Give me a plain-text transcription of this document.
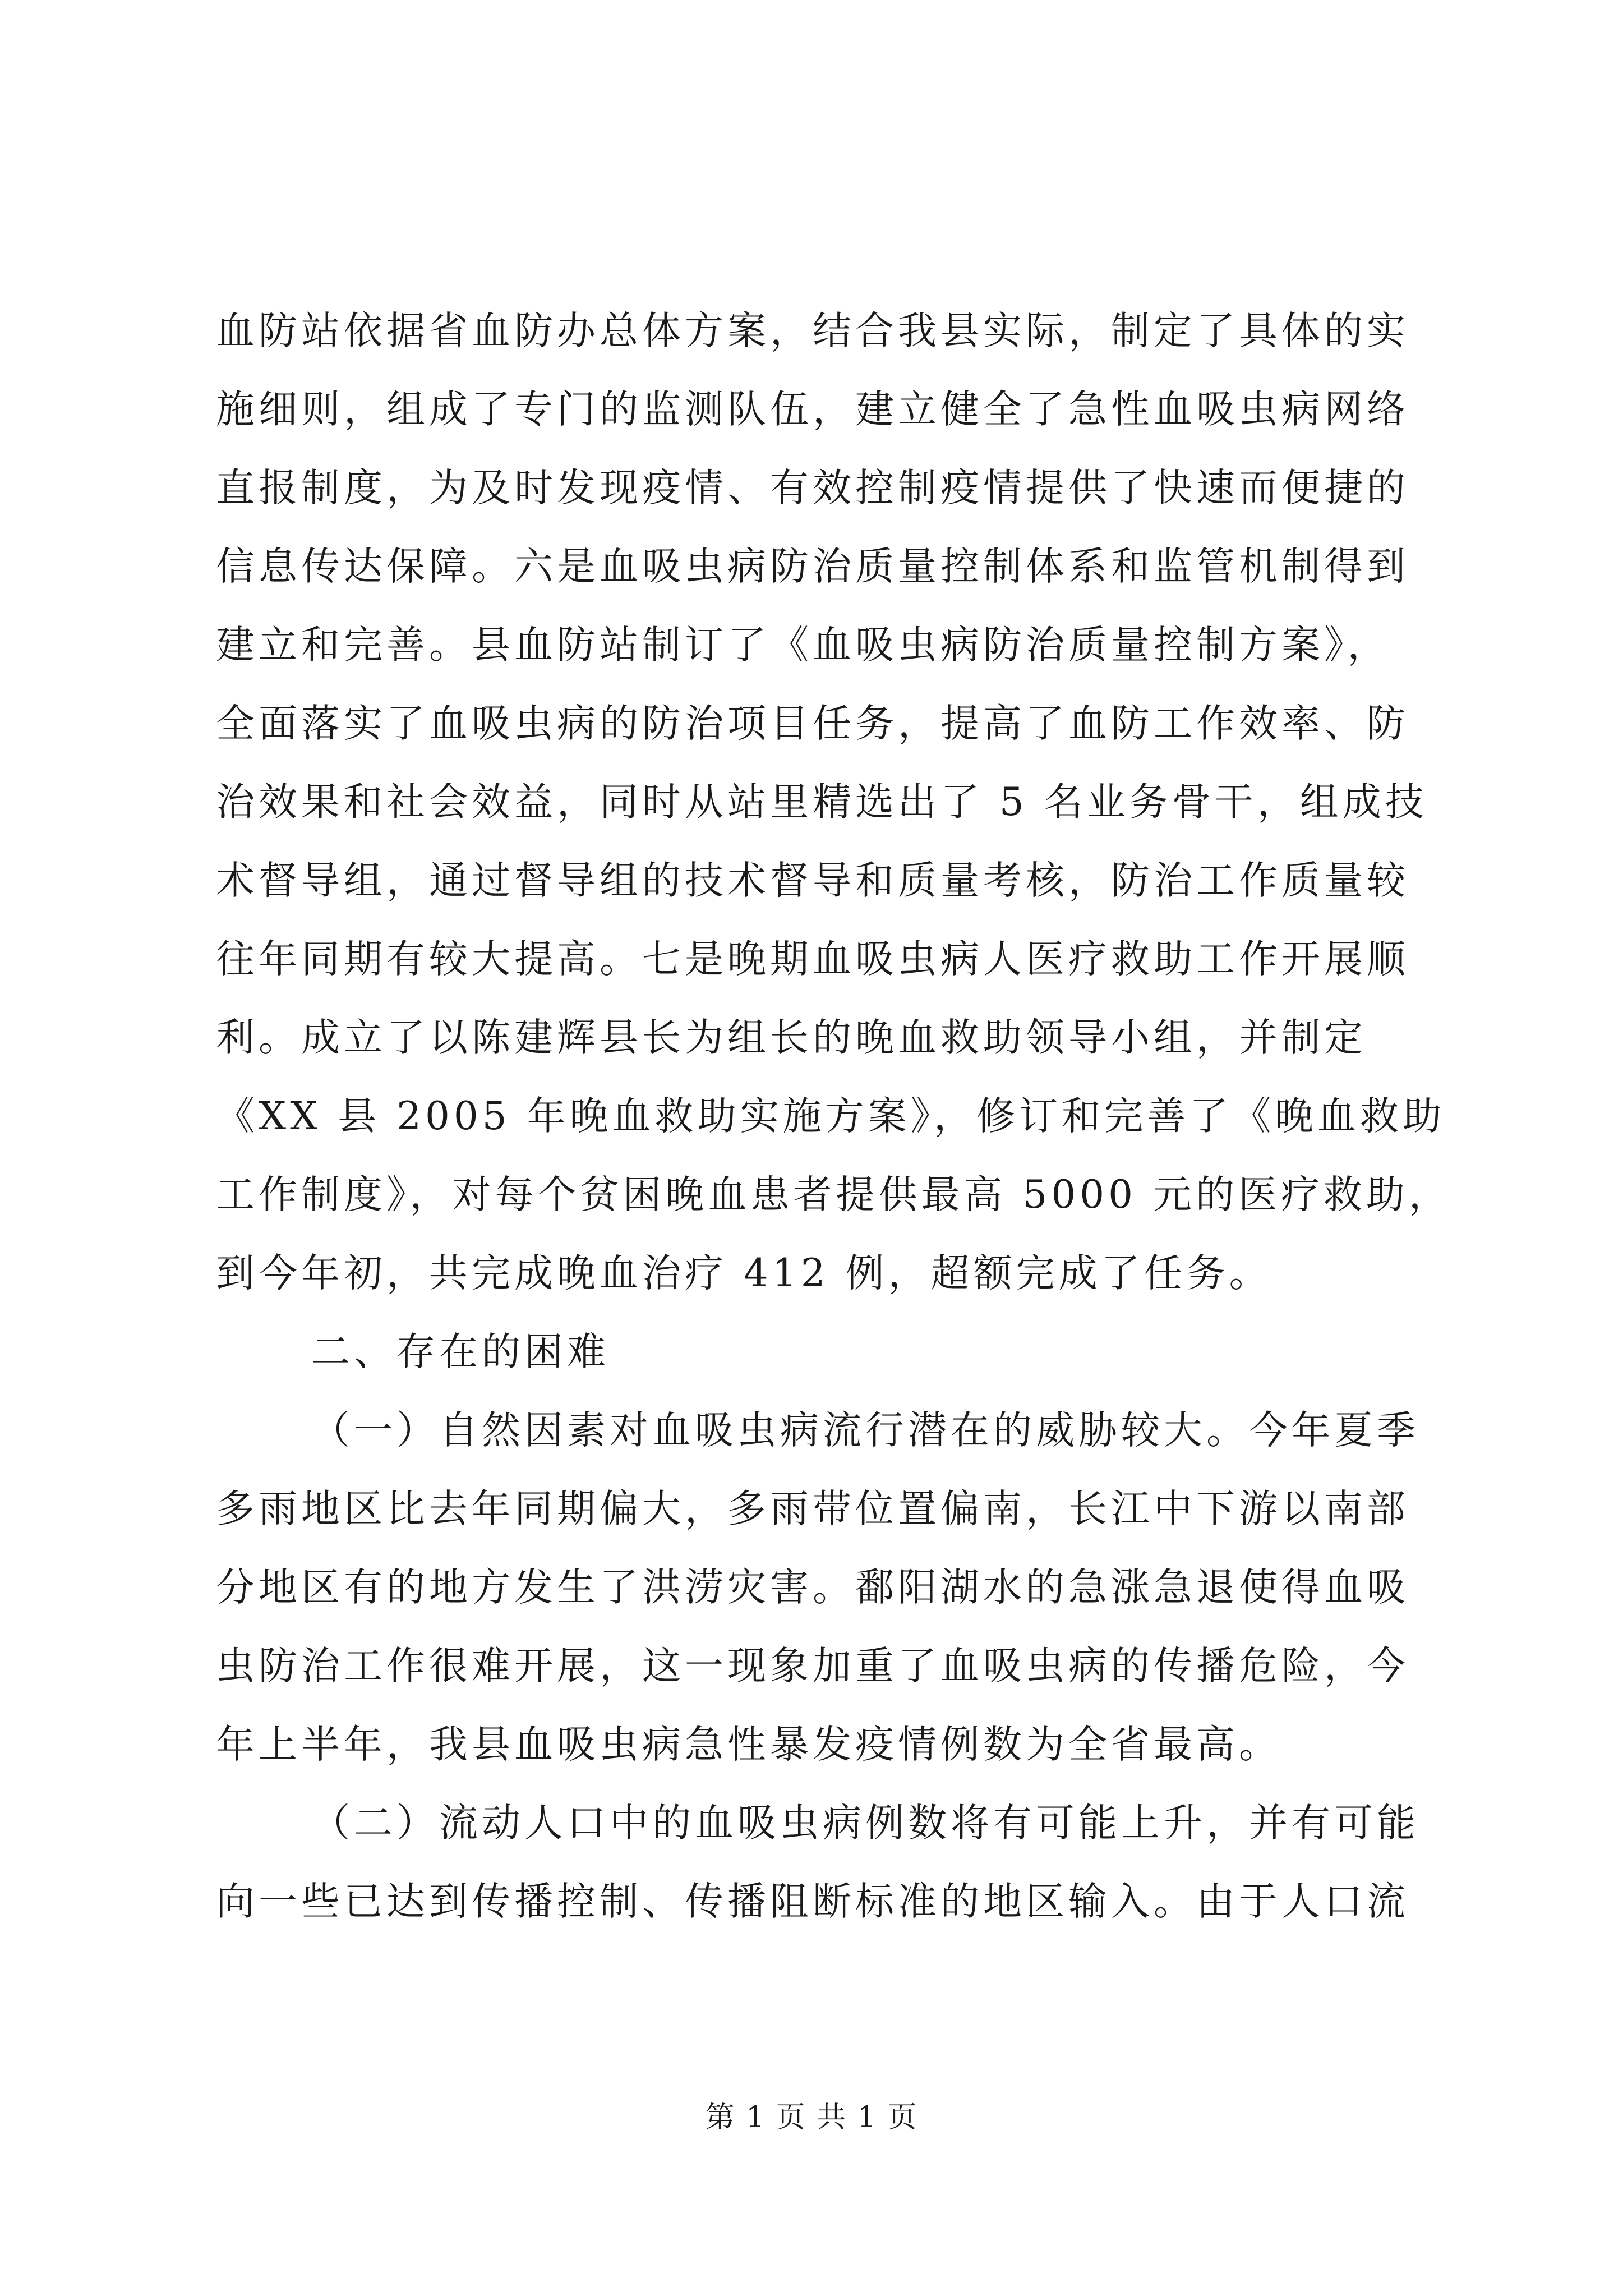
血防站依据省血防办总体方案，结合我县实际，制定了具体的实
施细则，组成了专门的监测队伍，建立健全了急性血吸虫病网络
直报制度，为及时发现疫情、有效控制疫情提供了快速而便捷的
信息传达保障。六是血吸虫病防治质量控制体系和监管机制得到
建立和完善。县血防站制订了《血吸虫病防治质量控制方案》，
全面落实了血吸虫病的防治项目任务，提高了血防工作效率、防
治效果和社会效益，同时从站里精选出了 5 名业务骨干，组成技
术督导组，通过督导组的技术督导和质量考核，防治工作质量较
往年同期有较大提高。七是晚期血吸虫病人医疗救助工作开展顺
利。成立了以陈建辉县长为组长的晚血救助领导小组，并制定
《XX 县 2005 年晚血救助实施方案》，修订和完善了《晚血救助
工作制度》，对每个贫困晚血患者提供最高 5000 元的医疗救助，
到今年初，共完成晚血治疗 412 例，超额完成了任务。
二、存在的困难
（一）自然因素对血吸虫病流行潜在的威胁较大。今年夏季
多雨地区比去年同期偏大，多雨带位置偏南，长江中下游以南部
分地区有的地方发生了洪涝灾害。鄱阳湖水的急涨急退使得血吸
虫防治工作很难开展，这一现象加重了血吸虫病的传播危险，今
年上半年，我县血吸虫病急性暴发疫情例数为全省最高。
（二）流动人口中的血吸虫病例数将有可能上升，并有可能
向一些已达到传播控制、传播阻断标准的地区输入。由于人口流
第 1 页 共 1 页
